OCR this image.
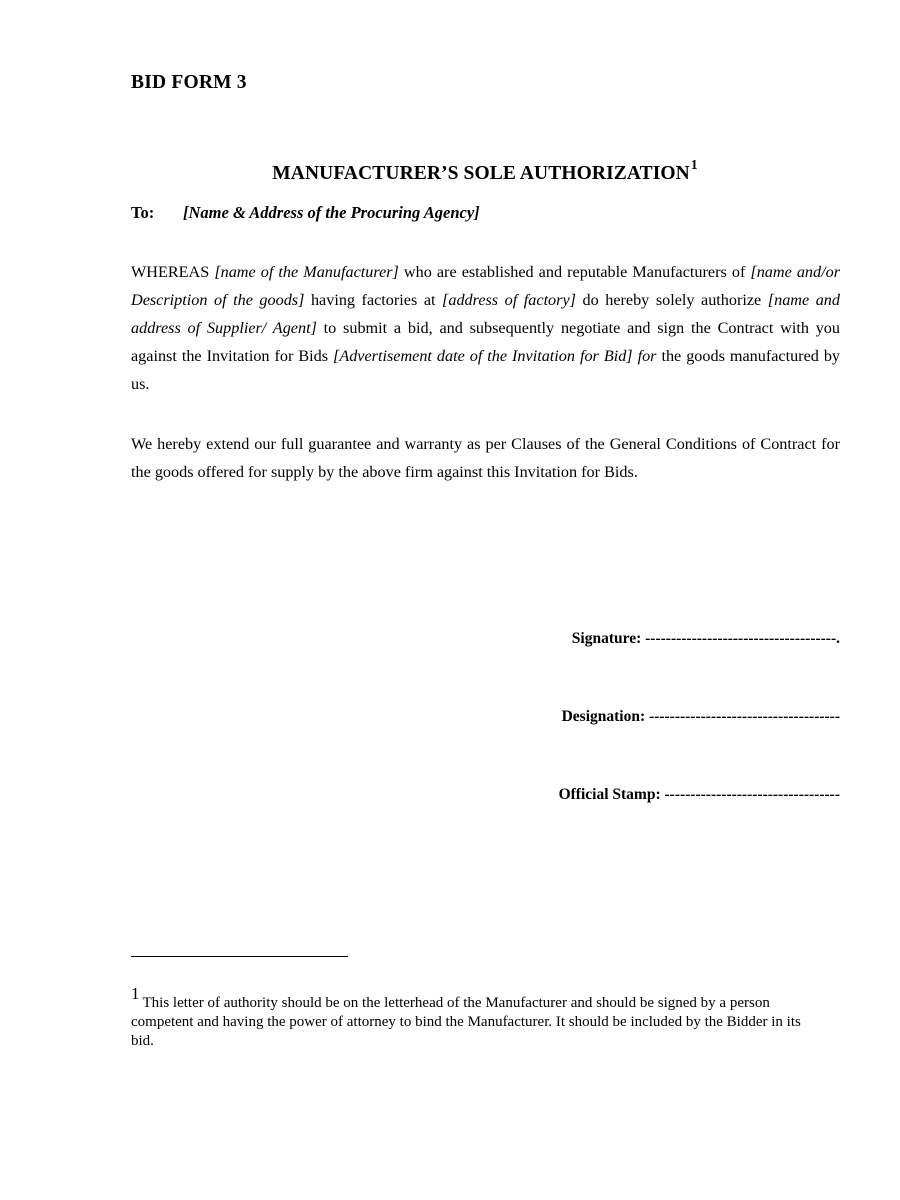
BID FORM 3
MANUFACTURER’S SOLE AUTHORIZATION$^1$
To: [Name & Address of the Procuring Agency]
WHEREAS [name of the Manufacturer] who are established and reputable Manufacturers of [name and/or Description of the goods] having factories at [address of factory] do hereby solely authorize [name and address of Supplier/ Agent] to submit a bid, and subsequently negotiate and sign the Contract with you against the Invitation for Bids [Advertisement date of the Invitation for Bid] for the goods manufactured by us.
We hereby extend our full guarantee and warranty as per Clauses of the General Conditions of Contract for the goods offered for supply by the above firm against this Invitation for Bids.
Signature: -------------------------------------.
Designation: -------------------------------------
Official Stamp: ----------------------------------
1 This letter of authority should be on the letterhead of the Manufacturer and should be signed by a person competent and having the power of attorney to bind the Manufacturer. It should be included by the Bidder in its bid.
